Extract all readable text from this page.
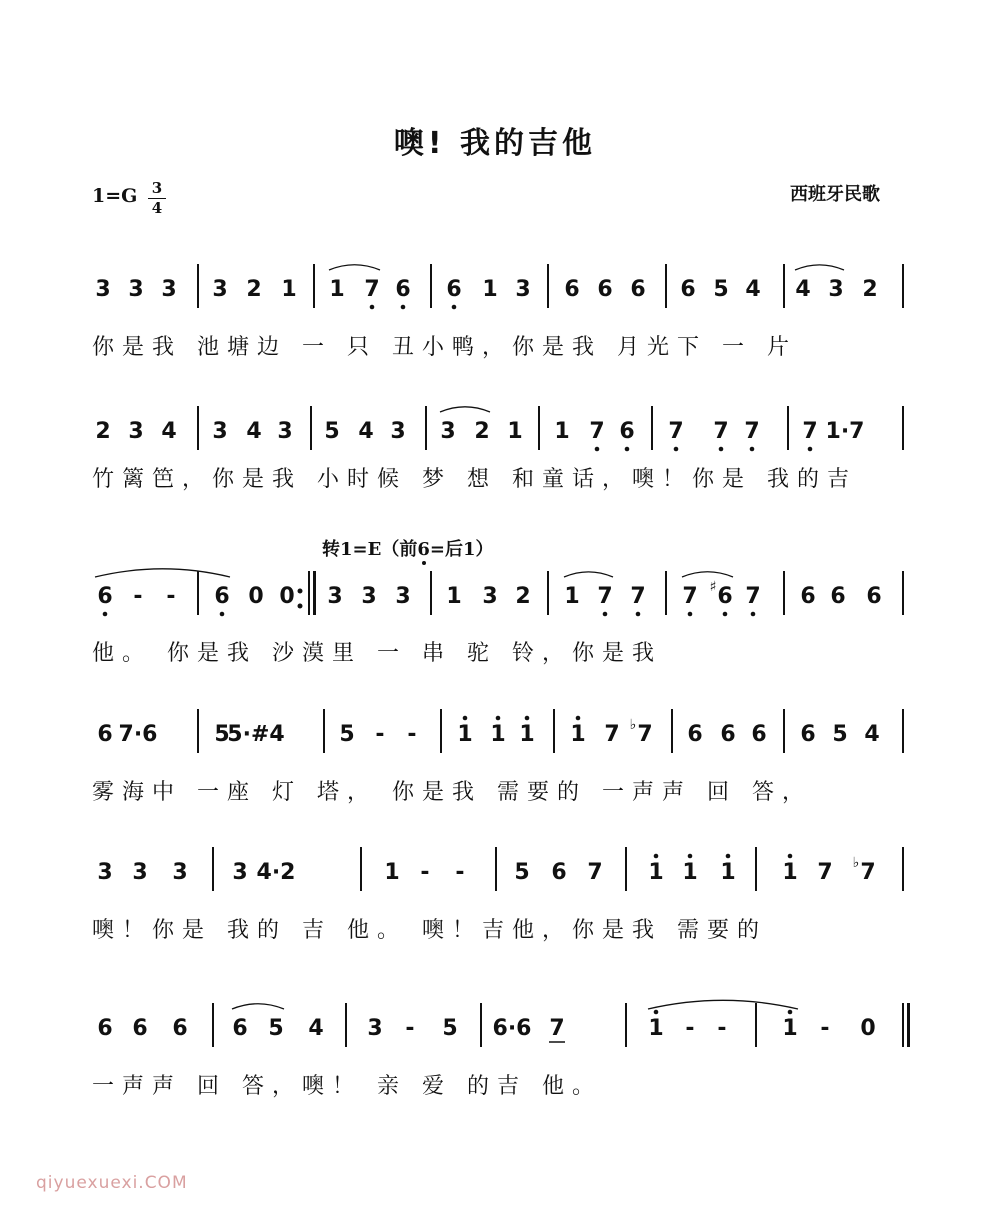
噢! 我的吉他
1=G 3
4
西班牙民歌
转1=E（前6=后1）
3 3 3 3 2 1 1 7 6 6 1 3 6 6 6 6 5 4 4 3 2
你是我 池塘边 一 只 丑小鸭，你是我 月光下 一 片
2 3 4 3 4 3 5 4 3 3 2 1 1 7 6 7 7 7 7 1·7
竹篱笆，你是我 小时候 梦 想 和童话，噢！你是 我的吉
6 - - 6 0 0 3 3 3 1 3 2 1 7 7 7 6
♯ 7 6 6 6
他。 你是我 沙漠里 一 串 驼 铃，你是我
6 7·6	5
5·#4 5 - - 1 1 1 1 7 7
♭ 6 6 6 6 5 4
雾海中 一座 灯 塔， 你是我 需要的 一声声 回 答，
3 3 3 3 4·2	1 - - 5 6 7 1 1 1 1 7 7
♭
噢！你是 我的 吉 他。 噢！吉他，你是我 需要的
6 6 6 6 5 4 3 - 5 6·6 7	1 - -	1 - 0
一声声 回 答，噢！ 亲 爱 的吉 他。
qiyuexuexi.COM
